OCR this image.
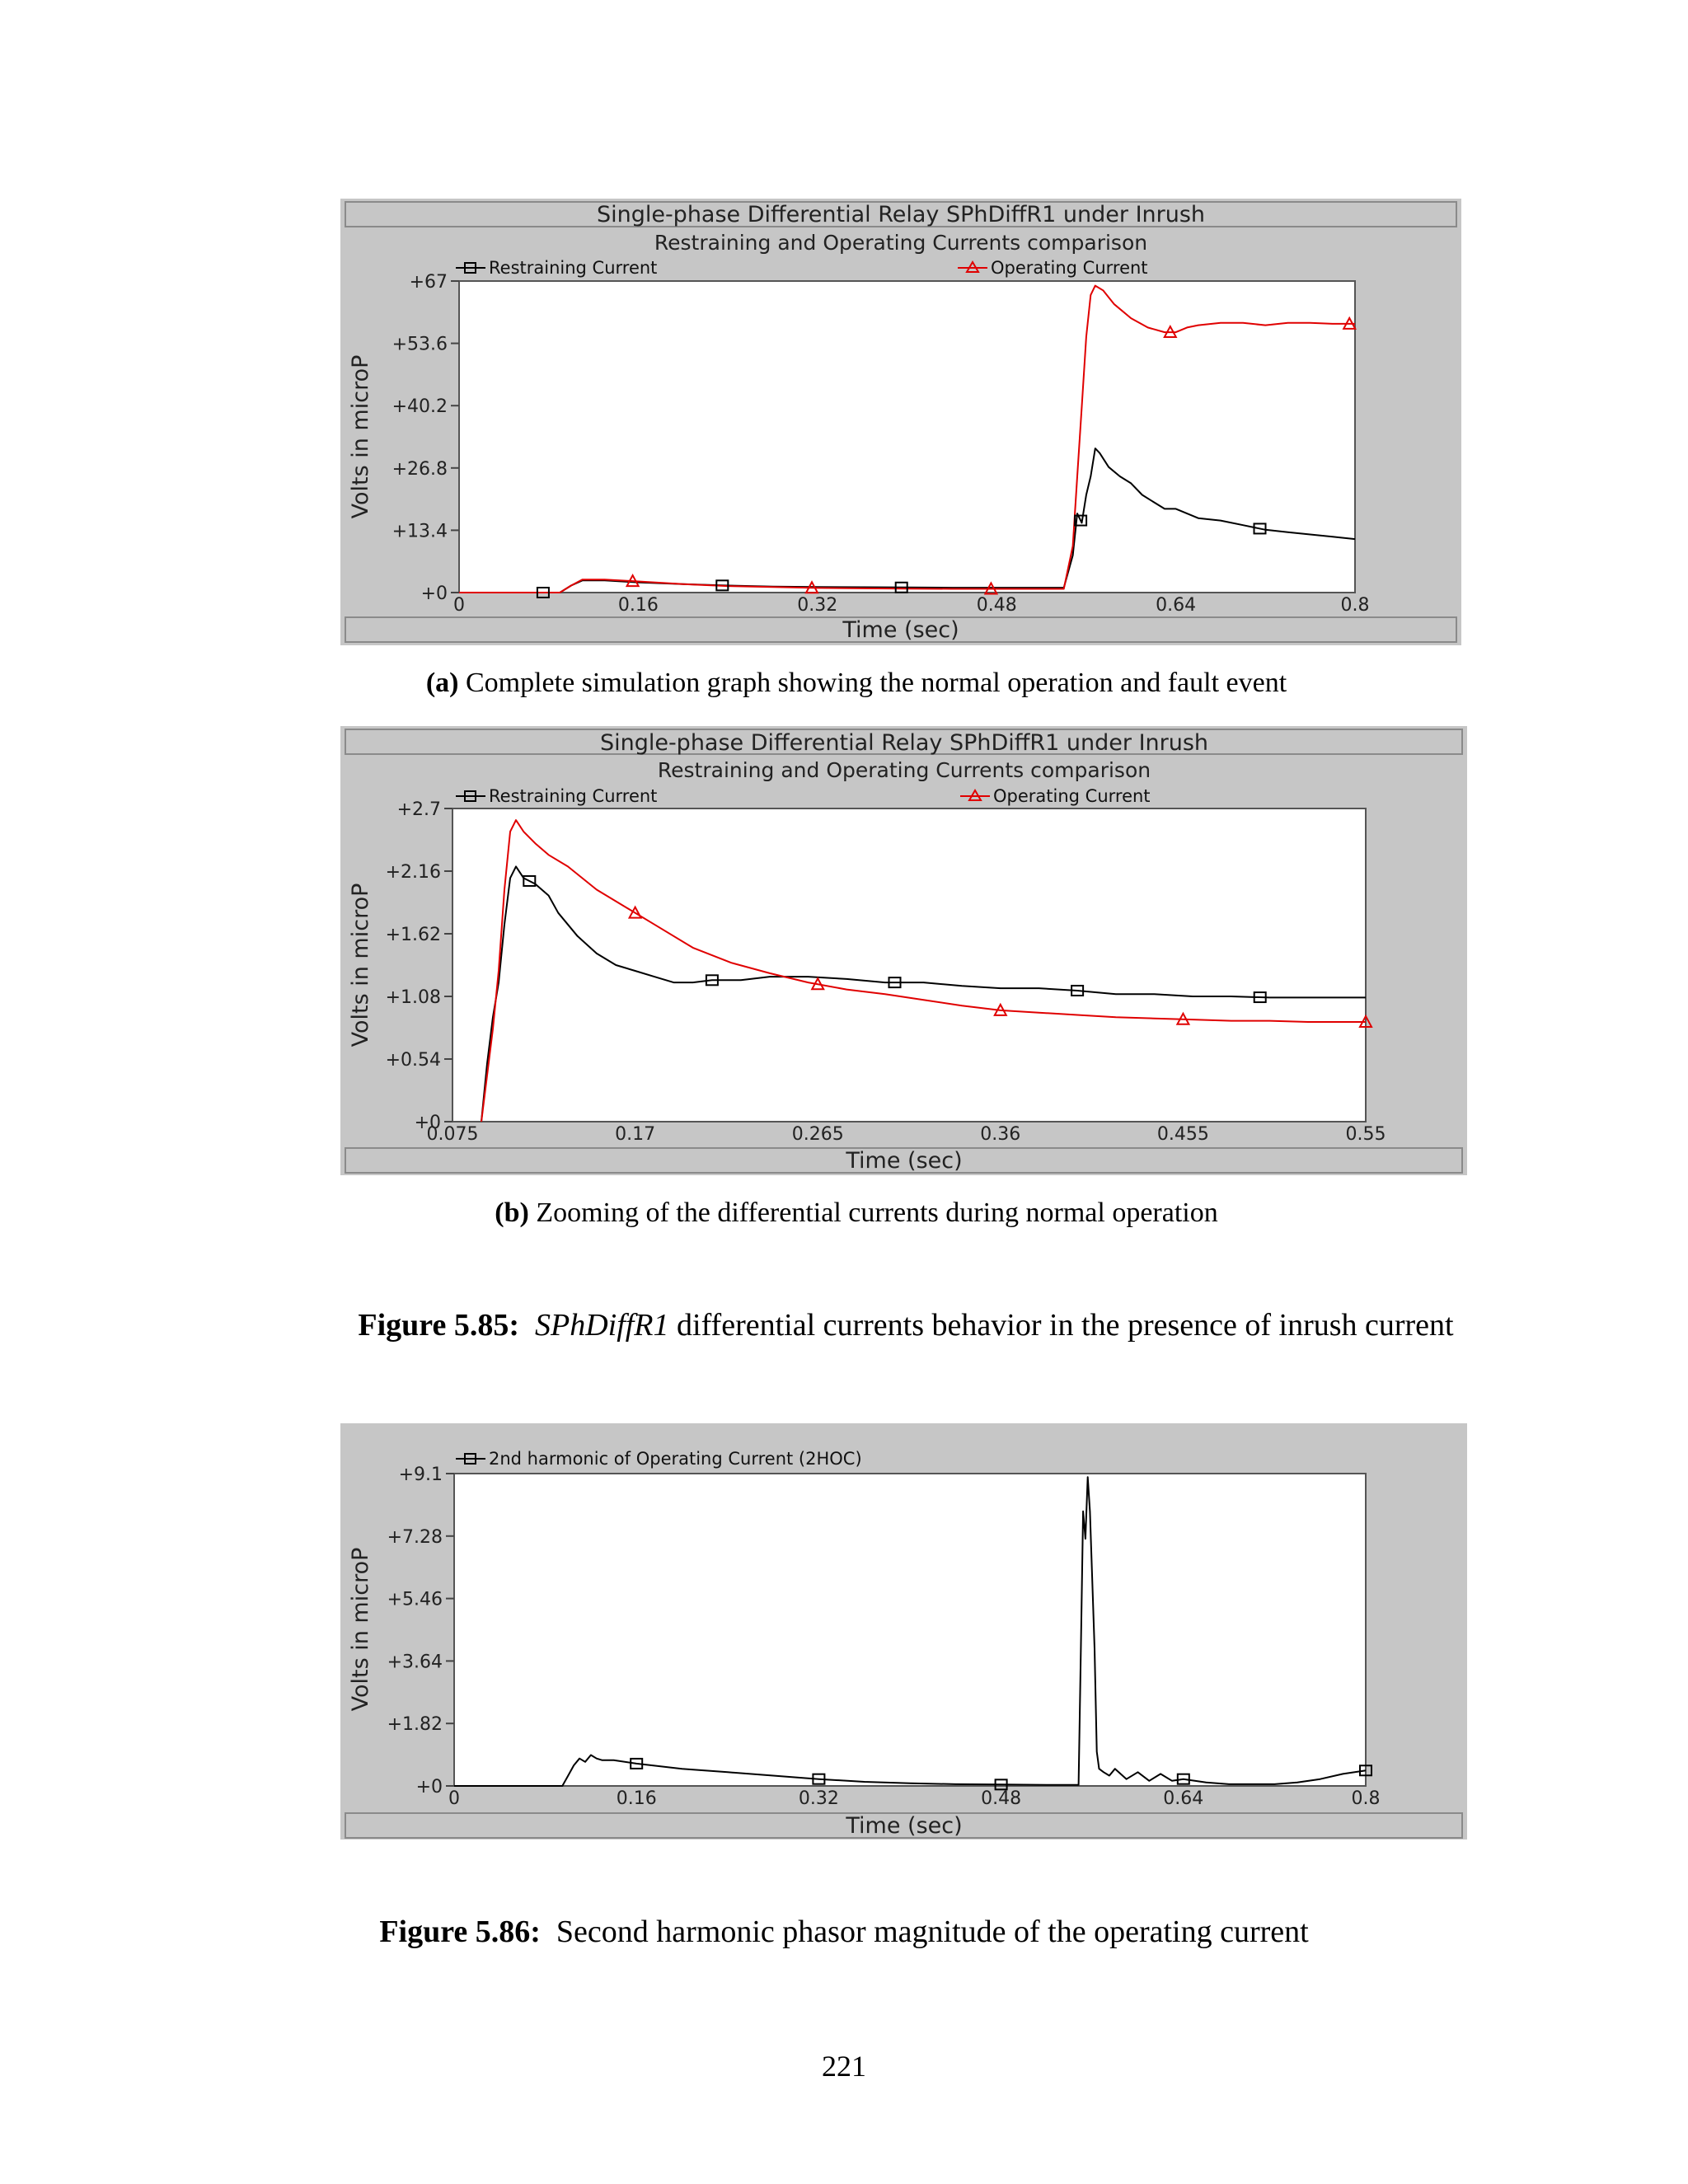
Single-phase Differential Relay SPhDiffR1 under Inrush
Restraining and Operating Currents comparison
Restraining Current	Operating Current
+0
+13.4
+26.8
+40.2
+53.6
+67
0	0.16	0.32	0.48	0.64	0.8
Volts in microP
Time (sec)
(a) Complete simulation graph showing the normal operation and fault event
Single-phase Differential Relay SPhDiffR1 under Inrush
Restraining and Operating Currents comparison
Restraining Current	Operating Current
+0
+0.54
+1.08
+1.62
+2.16
+2.7
0.075	0.17	0.265	0.36	0.455	0.55
Volts in microP
Time (sec)
(b) Zooming of the differential currents during normal operation
Figure 5.85: SPhDiffR1 differential currents behavior in the presence of inrush current
2nd harmonic of Operating Current (2HOC)
+0
+1.82
+3.64
+5.46
+7.28
+9.1
0	0.16	0.32	0.48	0.64	0.8
Volts in microP
Time (sec)
Figure 5.86: Second harmonic phasor magnitude of the operating current
221
